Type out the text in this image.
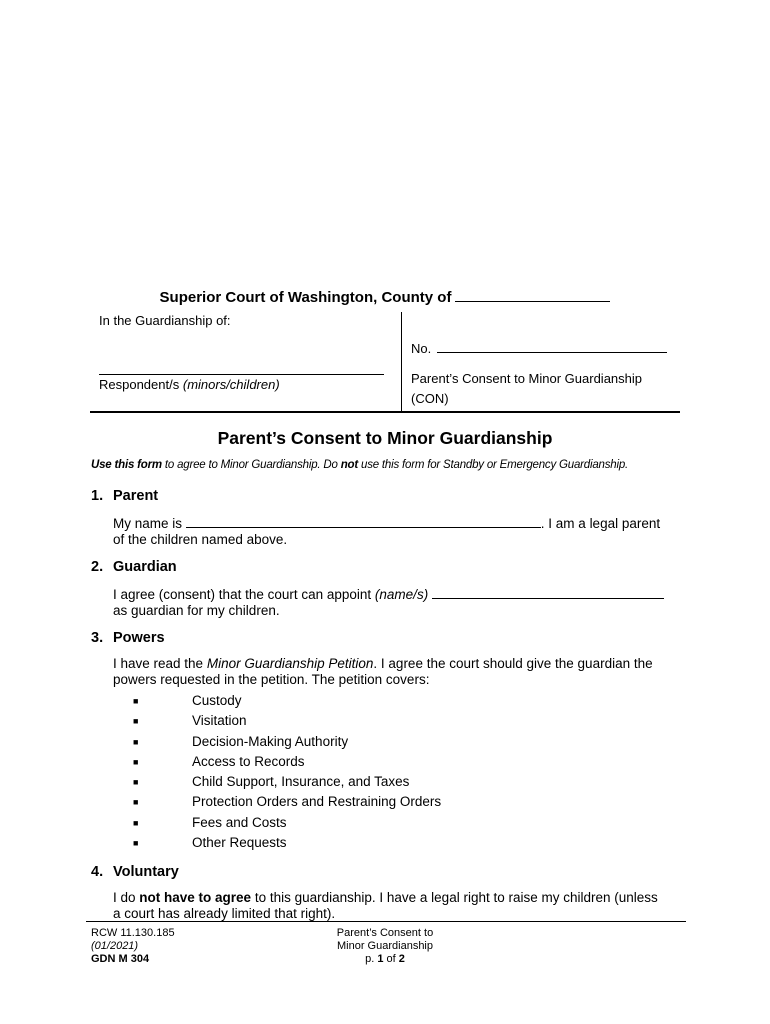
Superior Court of Washington, County of
In the Guardianship of:
Respondent/s (minors/children)
No.
Parent’s Consent to Minor Guardianship
(CON)
Parent’s Consent to Minor Guardianship
Use this form to agree to Minor Guardianship. Do not use this form for Standby or Emergency Guardianship.
1. Parent
My name is	. I am a legal parent
of the children named above.
2. Guardian
I agree (consent) that the court can appoint (name/s)
as guardian for my children.
3. Powers
I have read the Minor Guardianship Petition. I agree the court should give the guardian the
powers requested in the petition. The petition covers:
■	Custody
■	Visitation
■	Decision-Making Authority
■	Access to Records
■	Child Support, Insurance, and Taxes
■	Protection Orders and Restraining Orders
■	Fees and Costs
■	Other Requests
4. Voluntary
I do not have to agree to this guardianship. I have a legal right to raise my children (unless
a court has already limited that right).
RCW 11.130.185
(01/2021)
GDN M 304
Parent’s Consent to
Minor Guardianship
p. 1 of 2
